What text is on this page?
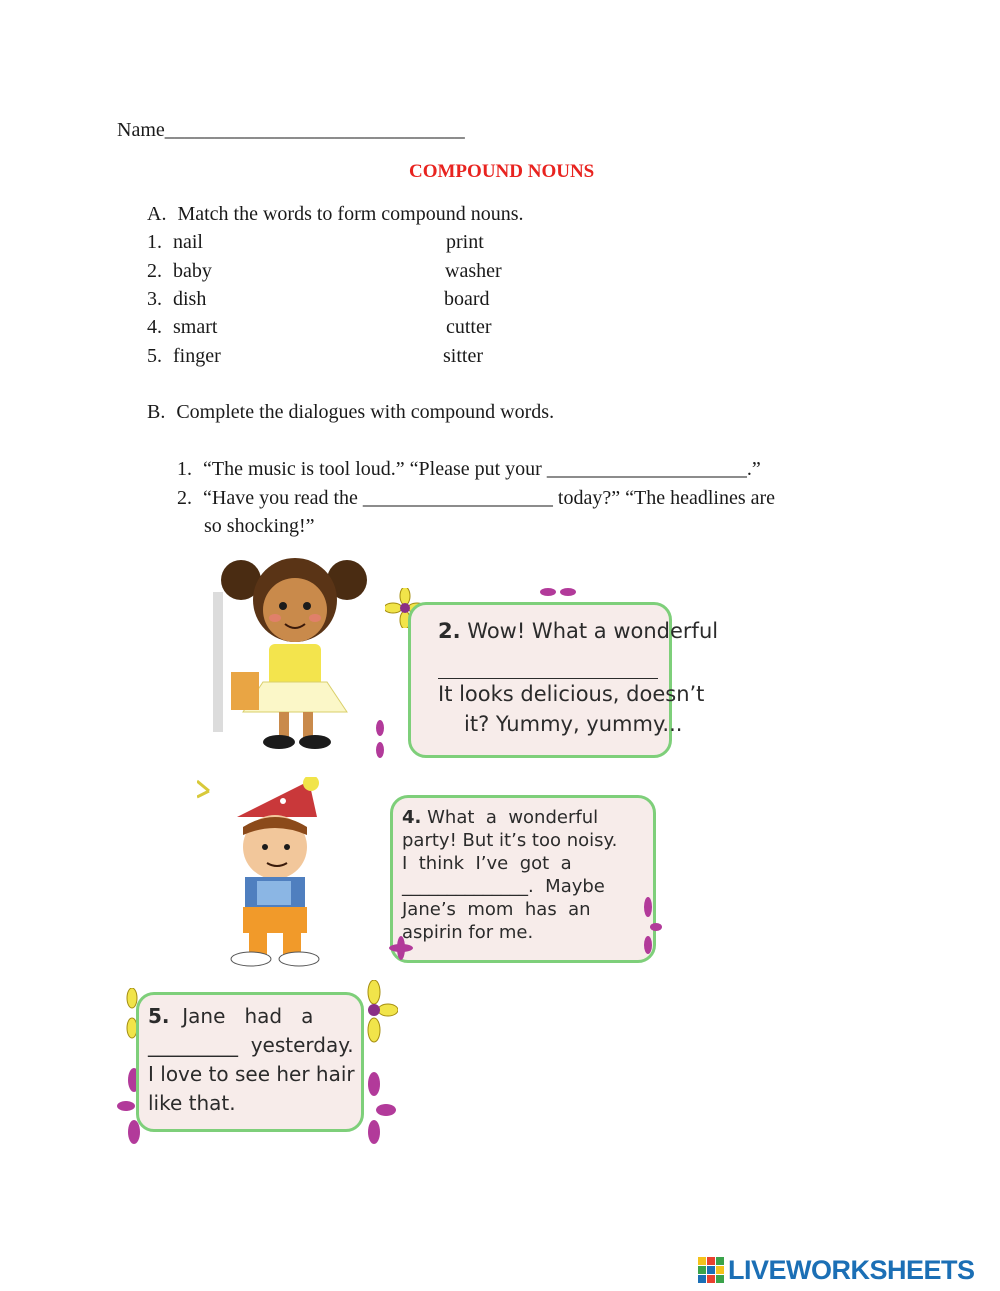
Name______________________________
COMPOUND NOUNS
A. Match the words to form compound nouns.
1. nail	print
2. baby	washer
3. dish	board
4. smart	cutter
5. finger	sitter
B. Complete the dialogues with compound words.
1. “The music is tool loud.” “Please put your ____________________.”
2. “Have you read the ___________________ today?” “The headlines are
so shocking!”
2. Wow! What a wonderful
It looks delicious, doesn’t
it? Yummy, yummy...
4. What  a  wonderful
party! But it’s too noisy.
I  think  I’ve  got  a
______________.  Maybe
Jane’s  mom  has  an
aspirin for me.
5. Jane   had   a
_________  yesterday.
I love to see her hair
like that.
LIVEWORKSHEETS
